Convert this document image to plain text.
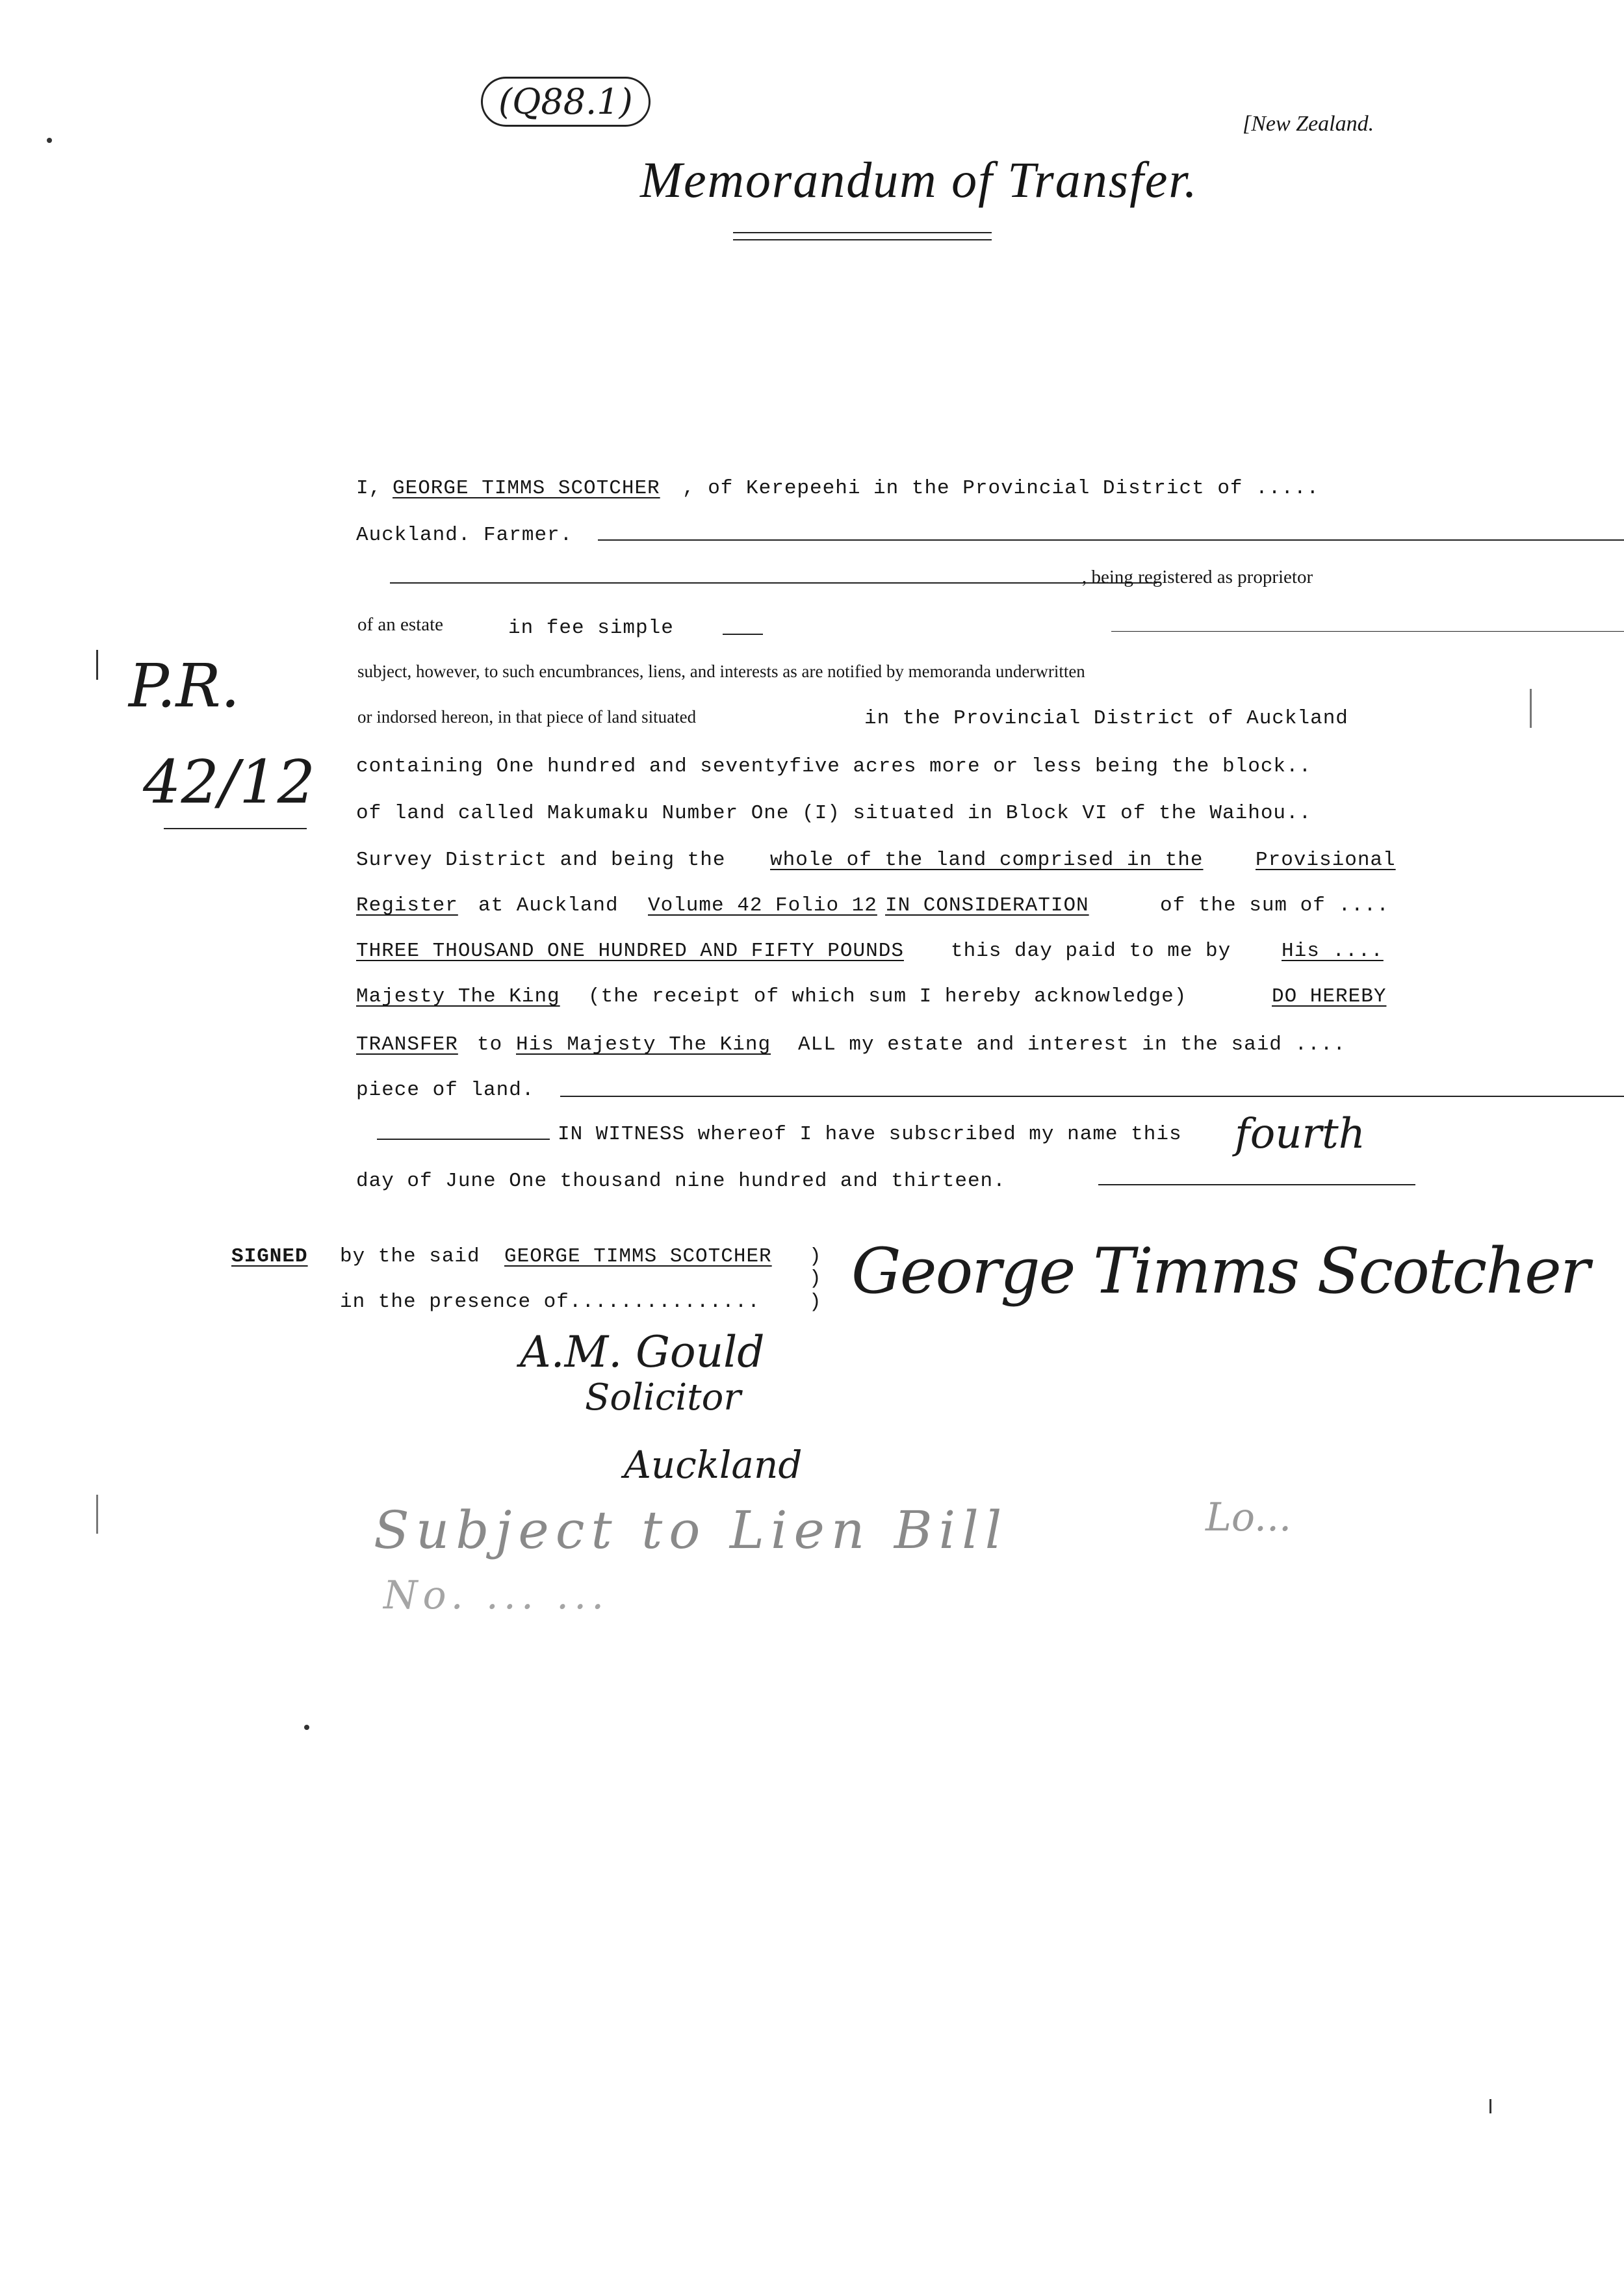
(Q88.1)
[New Zealand.
Memorandum of Transfer.
P.R.
42/12
I, GEORGE TIMMS SCOTCHER , of Kerepeehi in the Provincial District of .....
Auckland. Farmer.
, being registered as proprietor
of an estate	in fee simple
subject, however, to such encumbrances, liens, and interests as are notified by memoranda underwritten
or indorsed hereon, in that piece of land situated	in the Provincial District of Auckland
containing One hundred and seventyfive acres more or less being the block..
of land called Makumaku Number One (I) situated in Block VI of the Waihou..
Survey District and being the whole of the land comprised in the	Provisional
Register at Auckland Volume 42 Folio 12 IN CONSIDERATION	of the sum of ....
THREE THOUSAND ONE HUNDRED AND FIFTY POUNDS this day paid to me by	His ....
Majesty The King (the receipt of which sum I hereby acknowledge)	DO HEREBY
TRANSFER to His Majesty The King ALL my estate and interest in the said ....
piece of land.
IN WITNESS whereof I have subscribed my name this fourth
day of June One thousand nine hundred and thirteen.
SIGNED by the said GEORGE TIMMS SCOTCHER
in the presence of...............
)
)
) George Timms Scotcher
A.M. Gould
Solicitor
Auckland
Subject to Lien Bill	Lo...
No. ... ...
